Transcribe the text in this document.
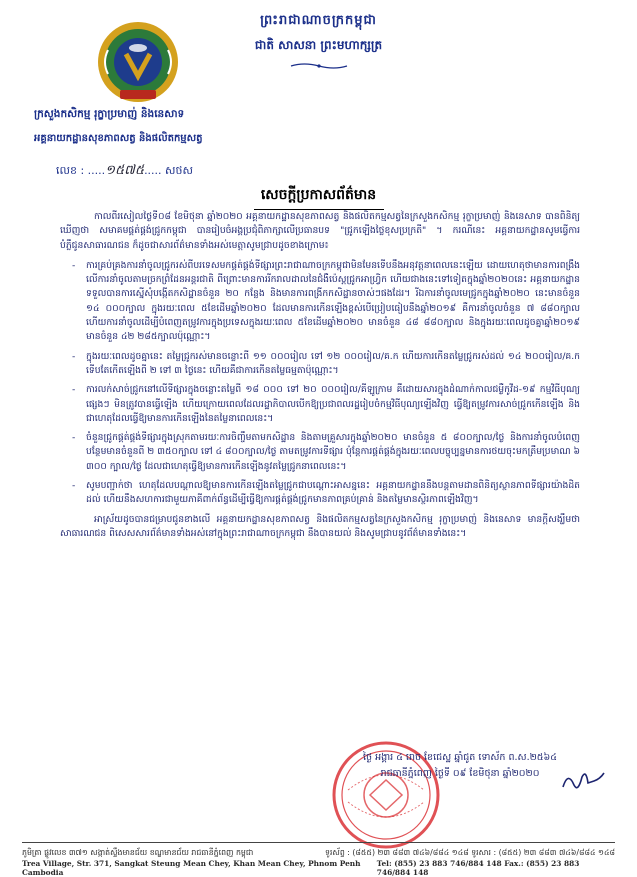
ព្រះរាជាណាចក្រកម្ពុជា
ជាតិ សាសនា ព្រះមហាក្សត្រ
ក្រសួងកសិកម្ម រុក្ខាប្រមាញ់ និងនេសាទ
អគ្គនាយកដ្ឋានសុខភាពសត្វ និងផលិតកម្មសត្វ
លេខ : .....១៥៧៥..... សថស
សេចក្តីប្រកាសព័ត៌មាន

កាលពីរសៀលថ្ងៃទី០៨ ខែមិថុនា ឆ្នាំ២០២០ អគ្គនាយកដ្ឋានសុខភាពសត្វ និងផលិតកម្មសត្វនៃក្រសួងកសិកម្ម រុក្ខាប្រមាញ់ និងនេសាទ បានពិនិត្យឃើញថា សមាគមផ្គត់ផ្គង់ជ្រូកកម្ពុជា បានរៀបចំអង្គប្រជុំពិភាក្សាលើប្រធានបទ "ជ្រូកឡើងថ្លៃខុសប្រក្រតី" ។ ករណីនេះ អគ្គនាយកដ្ឋានសូមធ្វើការបំភ្លឺជូនសាធារណជន ក៏ដូចជាសារព័ត៌មានទាំងអស់មេត្តាសូមជ្រាបដូចខាងក្រោម៖

- ការគ្រប់គ្រងការនាំចូលជ្រូករស់ពីបរទេសមកផ្គត់ផ្គង់ទីផ្សារព្រះរាជាណាចក្រកម្ពុជាមិនមែនទើបនឹងអនុវត្តនាពេលនេះឡើយ ដោយហេតុថាមានការពង្រឹងលើការនាំចូលតាមច្រកព្រំដែនអន្តរជាតិ ពីព្រោះមានការរីករាលដាលនៃជំងឺប៉េស្តជ្រូកអាហ្វ្រិក ហើយជាងនេះទៅទៀតក្នុងឆ្នាំ២០២០នេះ អគ្គនាយកដ្ឋានទទួលបានការស្នើសុំបង្កើតកសិដ្ឋានចំនួន ២០ កន្លែង និងមានការពង្រីកកសិដ្ឋានចាស់ៗផងដែរ។ រីឯការនាំចូលមេជ្រូកក្នុងឆ្នាំ២០២០ នេះមានចំនួន ១៤ ០០០ក្បាល ក្នុងរយៈពេល ៥ខែដើមឆ្នាំ២០២០ ដែលមានការកើនឡើងខ្ពស់បើប្រៀបធៀបនឹងឆ្នាំ២០១៩ គឺការនាំចូលចំនួន ៧ ៨៨០ក្បាល ហើយការនាំចូលដើម្បីបំពេញតម្រូវការក្នុងប្រទេសក្នុងរយៈពេល ៥ខែដើមឆ្នាំ២០២០ មានចំនួន ៤៨ ៨៨០ក្បាល និងក្នុងរយៈពេលដូចគ្នាឆ្នាំ២០១៩ មានចំនួន ៤២ ២៨៥ក្បាលប៉ុណ្ណោះ។
- ក្នុងរយៈពេលដូចគ្នានេះ តម្លៃជ្រូករស់មានចន្លោះពី ១១ ០០០រៀល ទៅ ១២ ០០០រៀល/គ.ក ហើយការកើនតម្លៃជ្រូករស់ដល់ ១៤ ២០០រៀល/គ.ក ទើបតែកើតឡើងពី ២ ទៅ ៣ ថ្ងៃនេះ ហើយគឺជាការកើនតម្លៃធម្មតាប៉ុណ្ណោះ។
- ការលក់សាច់ជ្រូកនៅលើទីផ្សារក្នុងចន្លោះតម្លៃពី ១៨ ០០០ ទៅ ២០ ០០០រៀល/គីឡូក្រាម គឺដោយសារក្នុងដំណាក់កាលជម្ងឺកូវីដ-១៩ កម្មវិធីបុណ្យផ្សេងៗ មិនត្រូវបានធ្វើឡើង ហើយក្រោយពេលដែលរដ្ឋាភិបាលបើកឱ្យប្រជាពលរដ្ឋរៀបចំកម្មវិធីបុណ្យឡើងវិញ ធ្វើឱ្យតម្រូវការសាច់ជ្រូកកើនឡើង និងជាហេតុដែលធ្វើឱ្យមានការកើនឡើងនៃតម្លៃនាពេលនេះ។
- ចំនួនជ្រូកផ្គត់ផ្គង់ទីផ្សារក្នុងស្រុកតាមរយៈការចិញ្ចឹមតាមកសិដ្ឋាន និងតាមគ្រួសារក្នុងឆ្នាំ២០២០ មានចំនួន ៥ ៨០០ក្បាល/ថ្ងៃ និងការនាំចូលបំពេញបន្ថែមមានចំនួនពី ២ ៣៥០ក្បាល ទៅ ៤ ៨០០ក្បាល/ថ្ងៃ តាមតម្រូវការទីផ្សារ ប៉ុន្តែការផ្គត់ផ្គង់ក្នុងរយៈពេលបច្ចុប្បន្នមានការថយចុះមកត្រឹមប្រមាណ ៦ ៣០០ ក្បាល/ថ្ងៃ ដែលជាហេតុធ្វើឱ្យមានការកើនឡើងនូវតម្លៃជ្រូកនាពេលនេះ។
- សូមបញ្ជាក់ថា ហេតុដែលបណ្តាលឱ្យមានការកើនឡើងតម្លៃជ្រូកជាបណ្តោះអាសន្ននេះ អគ្គនាយកដ្ឋាននឹងបន្តតាមដានពិនិត្យស្ថានភាពទីផ្សារយ៉ាងដិតដល់ ហើយនឹងសហការជាមួយភាគីពាក់ព័ន្ធដើម្បីធ្វើឱ្យការផ្គត់ផ្គង់ជ្រូកមានភាពគ្រប់គ្រាន់ និងតម្លៃមានស្ថិរភាពឡើងវិញ។

អាស្រ័យដូចបានជម្រាបជូនខាងលើ អគ្គនាយកដ្ឋានសុខភាពសត្វ និងផលិតកម្មសត្វនៃក្រសួងកសិកម្ម រុក្ខាប្រមាញ់ និងនេសាទ មានក្តីសង្ឃឹមថា សាធារណជន ពិសេសសារព័ត៌មានទាំងអស់នៅក្នុងព្រះរាជាណាចក្រកម្ពុជា នឹងបានយល់ និងសូមជ្រាបនូវព័ត៌មានទាំងនេះ។

ថ្ងៃ អង្គារ ៤ រោច ខែជេស្ឋ ឆ្នាំជូត ទោស័ក ព.ស.២៥៦៤
រាជធានីភ្នំពេញ ថ្ងៃទី ០៩ ខែមិថុនា ឆ្នាំ២០២០
ភូមិត្រា ផ្លូវលេខ ៣៧១ សង្កាត់ស្ទឹងមានជ័យ ខណ្ឌមានជ័យ រាជធានីភ្នំពេញ កម្ពុជា	ទូរស័ព្ទ : (៨៥៥) ២៣ ៨៨៣ ៧៤៦/៨៨៤ ១៤៨ ទូរសារ : (៨៥៥) ២៣ ៨៨៣ ៧៤៦/៨៨៤ ១៤៨
Trea Village, Str. 371, Sangkat Steung Mean Chey, Khan Mean Chey, Phnom Penh Cambodia
Tel: (855) 23 883 746/884 148 Fax.: (855) 23 883 746/884 148
